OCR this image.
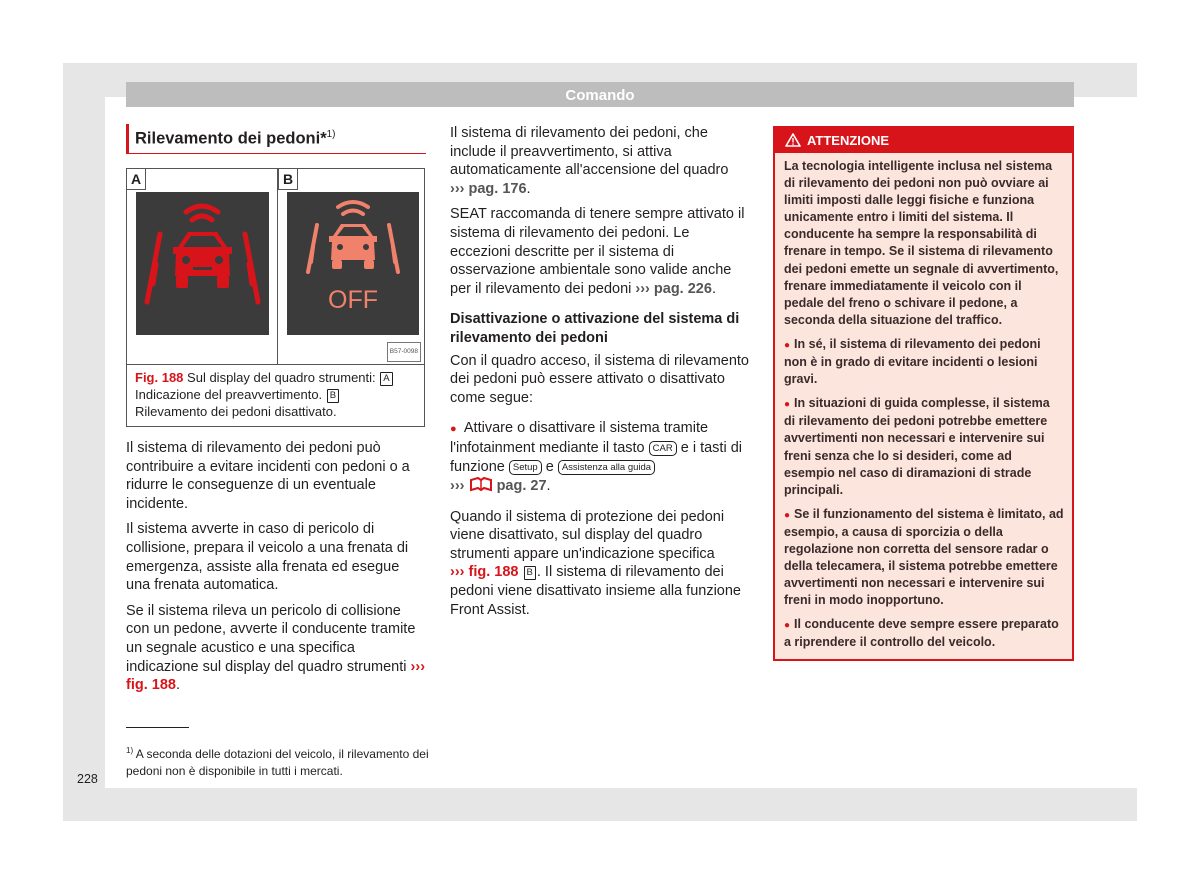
Comando
Rilevamento dei pedoni*$^{1)}$
A	B
OFF
B57-0098
Fig. 188 Sul display del quadro strumenti: A Indicazione del preavvertimento. B Rilevamento dei pedoni disattivato.

Il sistema di rilevamento dei pedoni può contribuire a evitare incidenti con pedoni o a ridurre le conseguenze di un eventuale incidente.

Il sistema avverte in caso di pericolo di collisione, prepara il veicolo a una frenata di emergenza, assiste alla frenata ed esegue una frenata automatica.

Se il sistema rileva un pericolo di collisione con un pedone, avverte il conducente tramite un segnale acustico e una specifica indicazione sul display del quadro strumenti ››› fig. 188.

$^{1)}$ A seconda delle dotazioni del veicolo, il rilevamento dei pedoni non è disponibile in tutti i mercati.
228

Il sistema di rilevamento dei pedoni, che include il preavvertimento, si attiva automaticamente all'accensione del quadro
››› pag. 176.

SEAT raccomanda di tenere sempre attivato il sistema di rilevamento dei pedoni. Le eccezioni descritte per il sistema di osservazione ambientale sono valide anche per il rilevamento dei pedoni ››› pag. 226.

Disattivazione o attivazione del sistema di rilevamento dei pedoni

Con il quadro acceso, il sistema di rilevamento dei pedoni può essere attivato o disattivato come segue:

● Attivare o disattivare il sistema tramite l'infotainment mediante il tasto CAR e i tasti di funzione Setup e Assistenza alla guida
››› pag. 27.

Quando il sistema di protezione dei pedoni viene disattivato, sul display del quadro strumenti appare un'indicazione specifica
››› fig. 188 B . Il sistema di rilevamento dei pedoni viene disattivato insieme alla funzione Front Assist.

ATTENZIONE

La tecnologia intelligente inclusa nel sistema di rilevamento dei pedoni non può ovviare ai limiti imposti dalle leggi fisiche e funziona unicamente entro i limiti del sistema. Il conducente ha sempre la responsabilità di frenare in tempo. Se il sistema di rilevamento dei pedoni emette un segnale di avvertimento, frenare immediatamente il veicolo con il pedale del freno o schivare il pedone, a seconda della situazione del traffico.

● In sé, il sistema di rilevamento dei pedoni non è in grado di evitare incidenti o lesioni gravi.

● In situazioni di guida complesse, il sistema di rilevamento dei pedoni potrebbe emettere avvertimenti non necessari e intervenire sui freni senza che lo si desideri, come ad esempio nel caso di diramazioni di strade principali.

● Se il funzionamento del sistema è limitato, ad esempio, a causa di sporcizia o della regolazione non corretta del sensore radar o della telecamera, il sistema potrebbe emettere avvertimenti non necessari e intervenire sui freni in modo inopportuno.

● Il conducente deve sempre essere preparato a riprendere il controllo del veicolo.
